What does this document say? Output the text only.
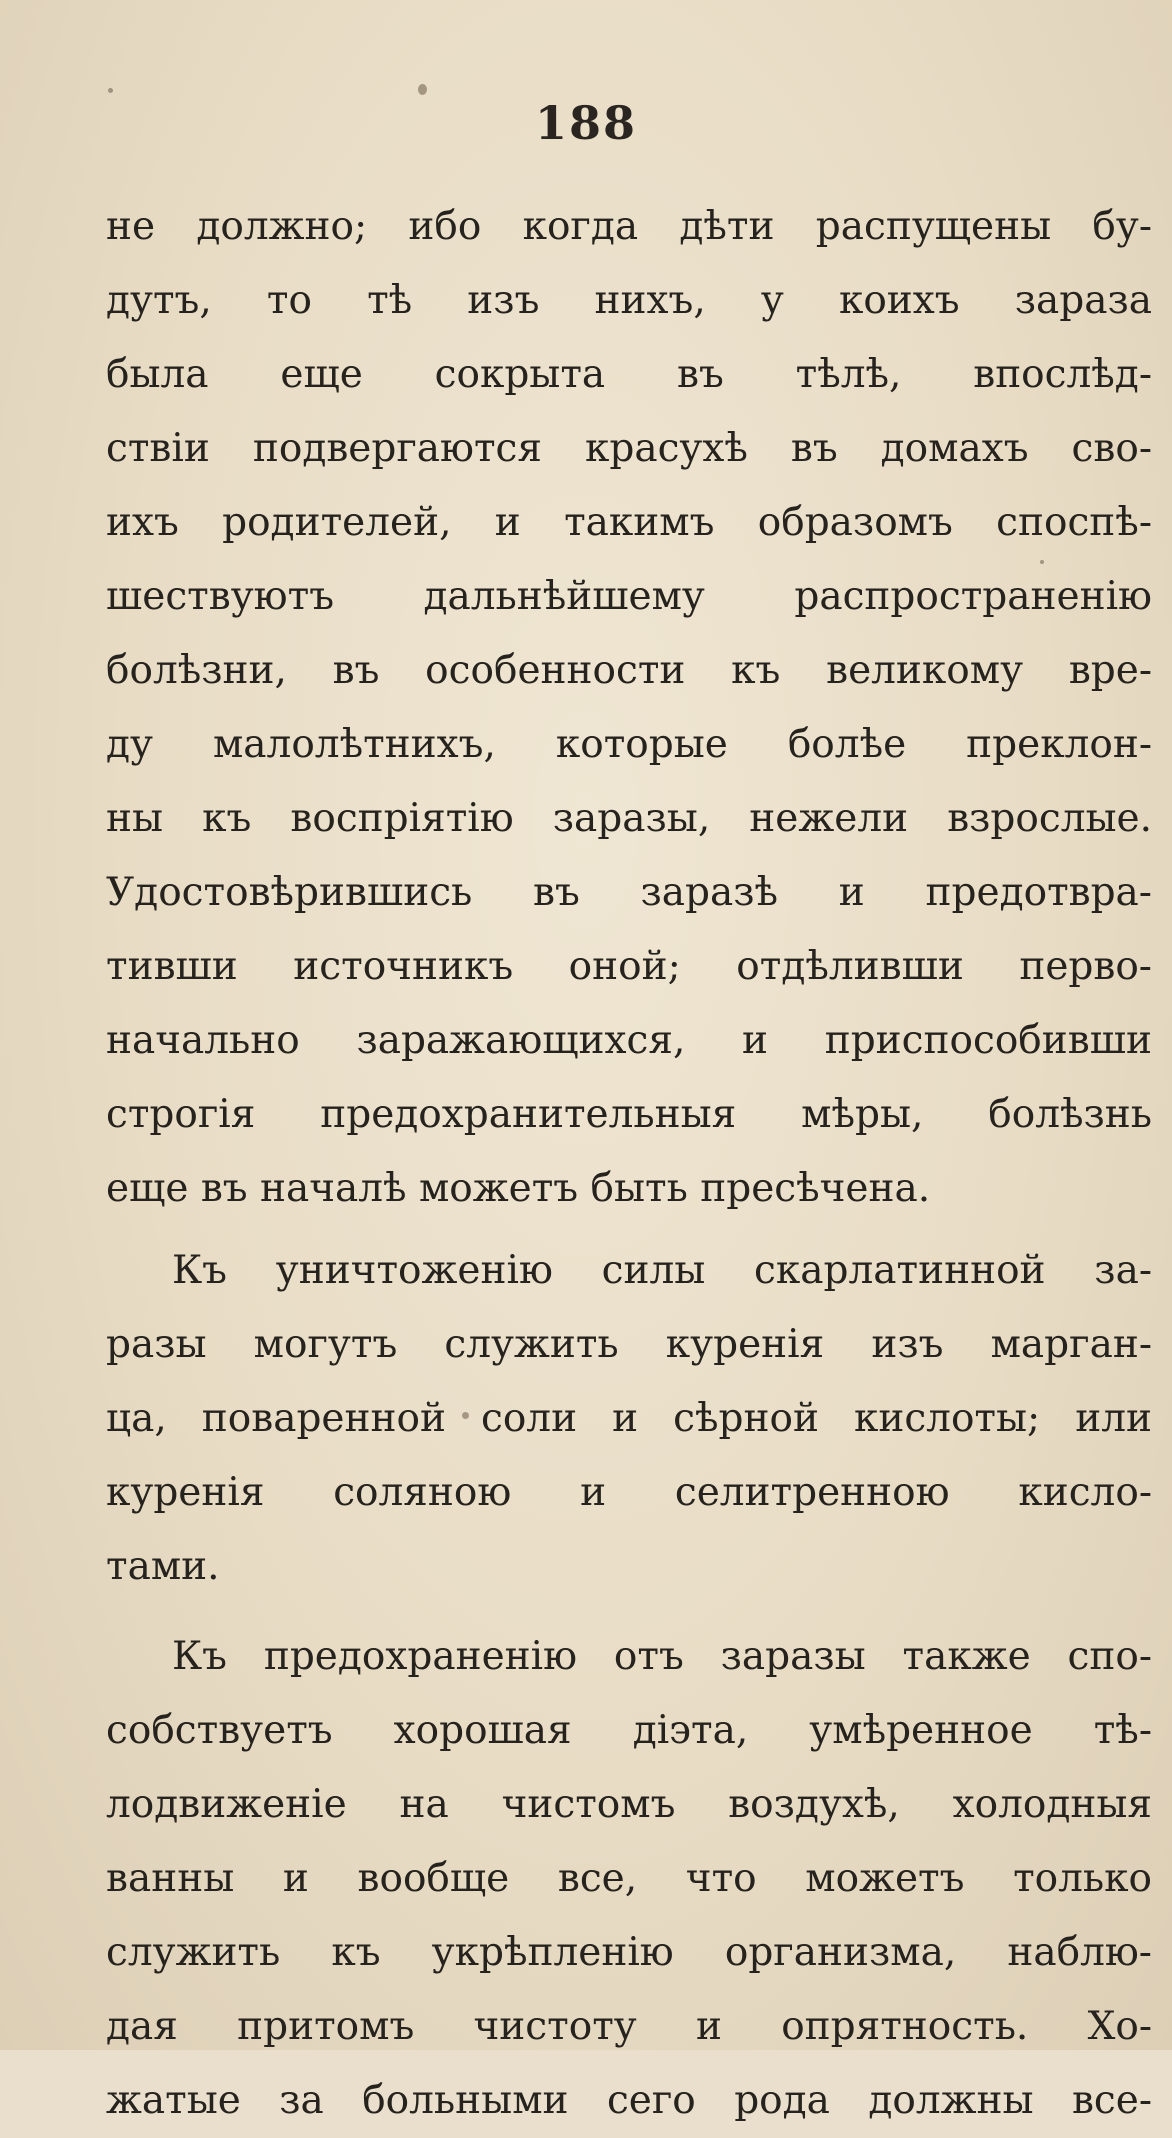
188
не должно; ибо когда дѣти распущены бу-
дутъ, то тѣ изъ нихъ, у коихъ зараза
была еще сокрыта въ тѣлѣ, впослѣд-
ствіи подвергаются красухѣ въ домахъ сво-
ихъ родителей, и такимъ образомъ споспѣ-
шествуютъ дальнѣйшему распространенію
болѣзни, въ особенности къ великому вре-
ду малолѣтнихъ, которые болѣе преклон-
ны къ воспріятію заразы, нежели взрослые.
Удостовѣрившись въ заразѣ и предотвра-
тивши источникъ оной; отдѣливши перво-
начально заражающихся, и приспособивши
строгія предохранительныя мѣры, болѣзнь
еще въ началѣ можетъ быть пресѣчена.
Къ уничтоженію силы скарлатинной за-
разы могутъ служить куренія изъ марган-
ца, поваренной соли и сѣрной кислоты; или
куренія соляною и селитренною кисло-
тами.
Къ предохраненію отъ заразы также спо-
собствуетъ хорошая діэта, умѣренное тѣ-
лодвиженіе на чистомъ воздухѣ, холодныя
ванны и вообще все, что можетъ только
служить къ укрѣпленію организма, наблю-
дая притомъ чистоту и опрятность. Хо-
жатые за больными сего рода должны все-
